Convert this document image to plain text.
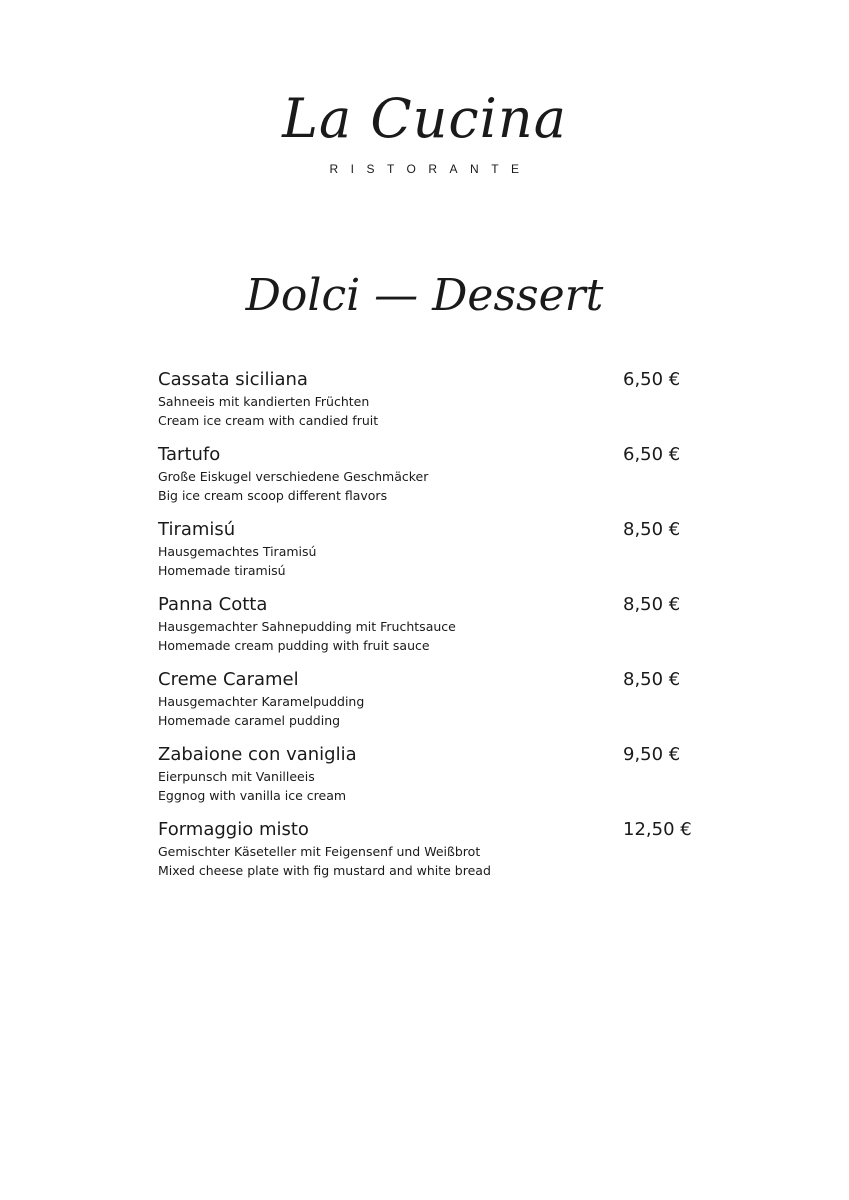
La Cucina
RISTORANTE
Dolci — Dessert
Cassata siciliana	6,50 €
Sahneeis mit kandierten Früchten
Cream ice cream with candied fruit
Tartufo	6,50 €
Große Eiskugel verschiedene Geschmäcker
Big ice cream scoop different flavors
Tiramisú	8,50 €
Hausgemachtes Tiramisú
Homemade tiramisú
Panna Cotta	8,50 €
Hausgemachter Sahnepudding mit Fruchtsauce
Homemade cream pudding with fruit sauce
Creme Caramel	8,50 €
Hausgemachter Karamelpudding
Homemade caramel pudding
Zabaione con vaniglia	9,50 €
Eierpunsch mit Vanilleeis
Eggnog with vanilla ice cream
Formaggio misto	12,50 €
Gemischter Käseteller mit Feigensenf und Weißbrot
Mixed cheese plate with fig mustard and white bread
